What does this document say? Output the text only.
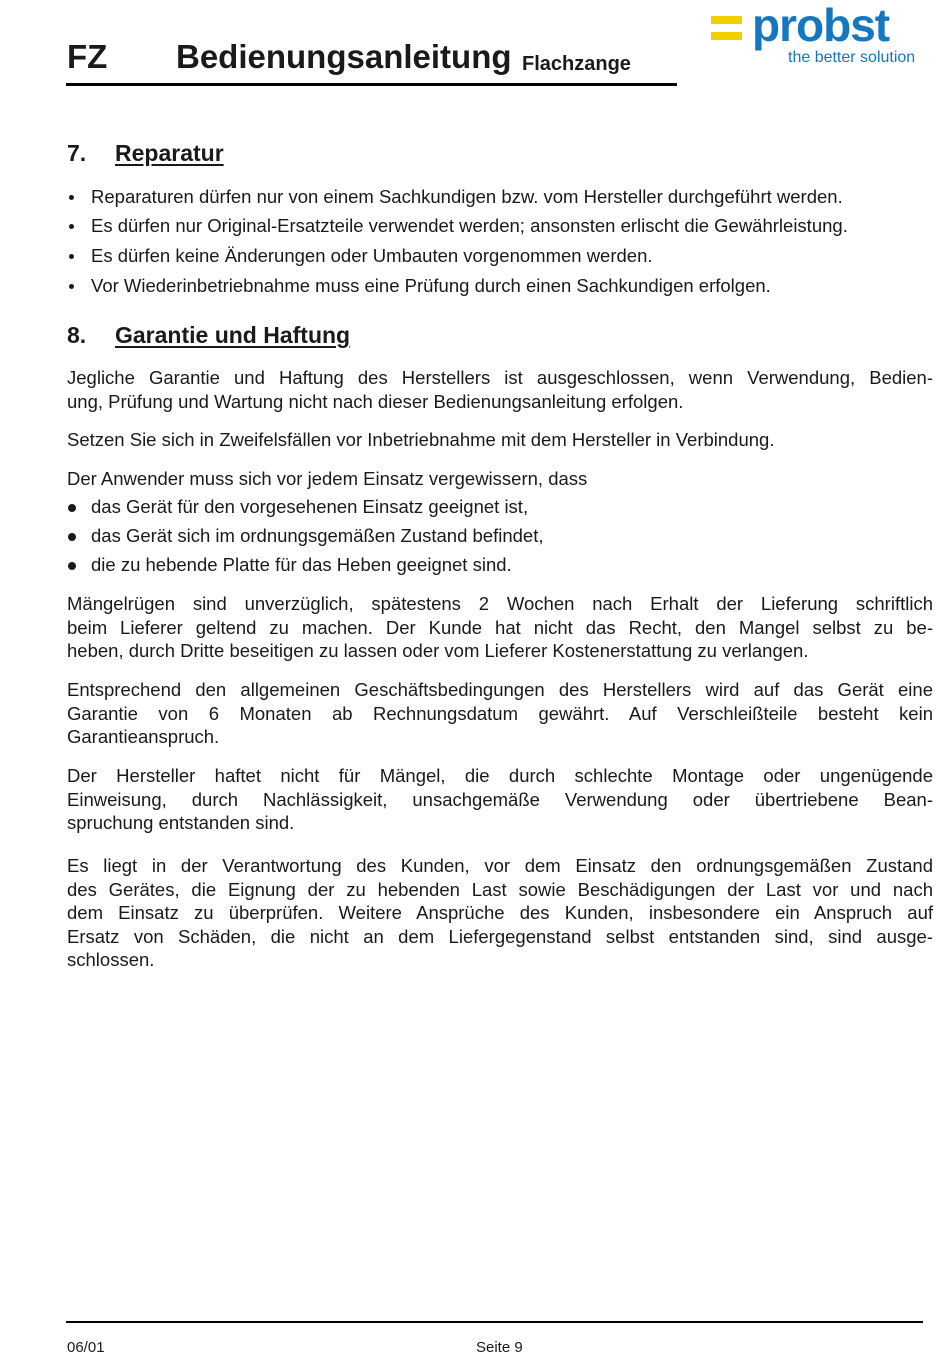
FZ Bedienungsanleitung Flachzange
probst
the better solution
7. Reparatur
Reparaturen dürfen nur von einem Sachkundigen bzw. vom Hersteller durchgeführt werden.
Es dürfen nur Original-Ersatzteile verwendet werden; ansonsten erlischt die Gewährleistung.
Es dürfen keine Änderungen oder Umbauten vorgenommen werden.
Vor Wiederinbetriebnahme muss eine Prüfung durch einen Sachkundigen erfolgen.
8. Garantie und Haftung
Jegliche Garantie und Haftung des Herstellers ist ausgeschlossen, wenn Verwendung, Bedien-
ung, Prüfung und Wartung nicht nach dieser Bedienungsanleitung erfolgen.
Setzen Sie sich in Zweifelsfällen vor Inbetriebnahme mit dem Hersteller in Verbindung.
Der Anwender muss sich vor jedem Einsatz vergewissern, dass
das Gerät für den vorgesehenen Einsatz geeignet ist,
das Gerät sich im ordnungsgemäßen Zustand befindet,
die zu hebende Platte für das Heben geeignet sind.
Mängelrügen sind unverzüglich, spätestens 2 Wochen nach Erhalt der Lieferung schriftlich
beim Lieferer geltend zu machen. Der Kunde hat nicht das Recht, den Mangel selbst zu be-
heben, durch Dritte beseitigen zu lassen oder vom Lieferer Kostenerstattung zu verlangen.
Entsprechend den allgemeinen Geschäftsbedingungen des Herstellers wird auf das Gerät eine
Garantie von 6 Monaten ab Rechnungsdatum gewährt. Auf Verschleißteile besteht kein
Garantieanspruch.
Der Hersteller haftet nicht für Mängel, die durch schlechte Montage oder ungenügende
Einweisung, durch Nachlässigkeit, unsachgemäße Verwendung oder übertriebene Bean-
spruchung entstanden sind.
Es liegt in der Verantwortung des Kunden, vor dem Einsatz den ordnungsgemäßen Zustand
des Gerätes, die Eignung der zu hebenden Last sowie Beschädigungen der Last vor und nach
dem Einsatz zu überprüfen. Weitere Ansprüche des Kunden, insbesondere ein Anspruch auf
Ersatz von Schäden, die nicht an dem Liefergegenstand selbst entstanden sind, sind ausge-
schlossen.
06/01	Seite 9
